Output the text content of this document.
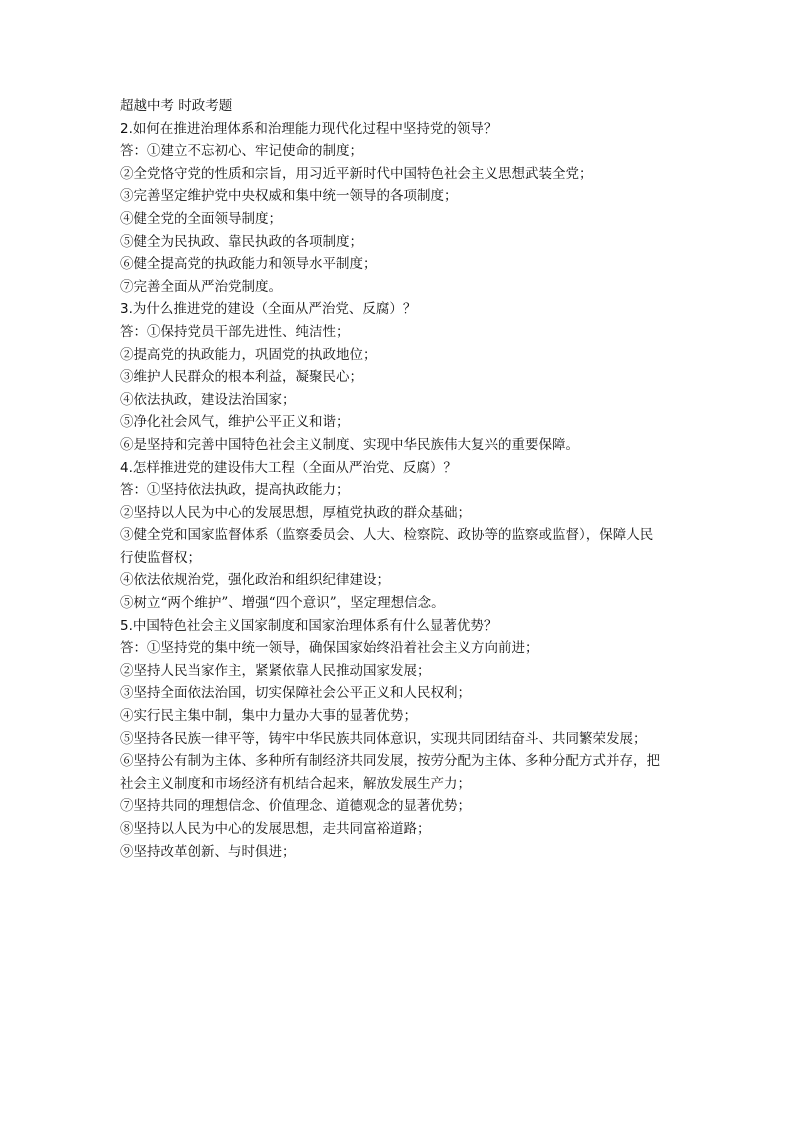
超越中考 时政考题

2.如何在推进治理体系和治理能力现代化过程中坚持党的领导？

答：①建立不忘初心、牢记使命的制度；

②全党恪守党的性质和宗旨，用习近平新时代中国特色社会主义思想武装全党；

③完善坚定维护党中央权威和集中统一领导的各项制度；

④健全党的全面领导制度；

⑤健全为民执政、靠民执政的各项制度；

⑥健全提高党的执政能力和领导水平制度；

⑦完善全面从严治党制度。

3.为什么推进党的建设（全面从严治党、反腐）？

答：①保持党员干部先进性、纯洁性；

②提高党的执政能力，巩固党的执政地位；

③维护人民群众的根本利益，凝聚民心；

④依法执政，建设法治国家；

⑤净化社会风气，维护公平正义和谐；

⑥是坚持和完善中国特色社会主义制度、实现中华民族伟大复兴的重要保障。

4.怎样推进党的建设伟大工程（全面从严治党、反腐）？

答：①坚持依法执政，提高执政能力；

②坚持以人民为中心的发展思想，厚植党执政的群众基础；

③健全党和国家监督体系（监察委员会、人大、检察院、政协等的监察或监督），保障人民

行使监督权；

④依法依规治党，强化政治和组织纪律建设；

⑤树立“两个维护”、增强“四个意识”，坚定理想信念。

5.中国特色社会主义国家制度和国家治理体系有什么显著优势？

答：①坚持党的集中统一领导，确保国家始终沿着社会主义方向前进；

②坚持人民当家作主，紧紧依靠人民推动国家发展；

③坚持全面依法治国，切实保障社会公平正义和人民权利；

④实行民主集中制，集中力量办大事的显著优势；

⑤坚持各民族一律平等，铸牢中华民族共同体意识，实现共同团结奋斗、共同繁荣发展；

⑥坚持公有制为主体、多种所有制经济共同发展，按劳分配为主体、多种分配方式并存，把

社会主义制度和市场经济有机结合起来，解放发展生产力；

⑦坚持共同的理想信念、价值理念、道德观念的显著优势；

⑧坚持以人民为中心的发展思想，走共同富裕道路；

⑨坚持改革创新、与时俱进；
